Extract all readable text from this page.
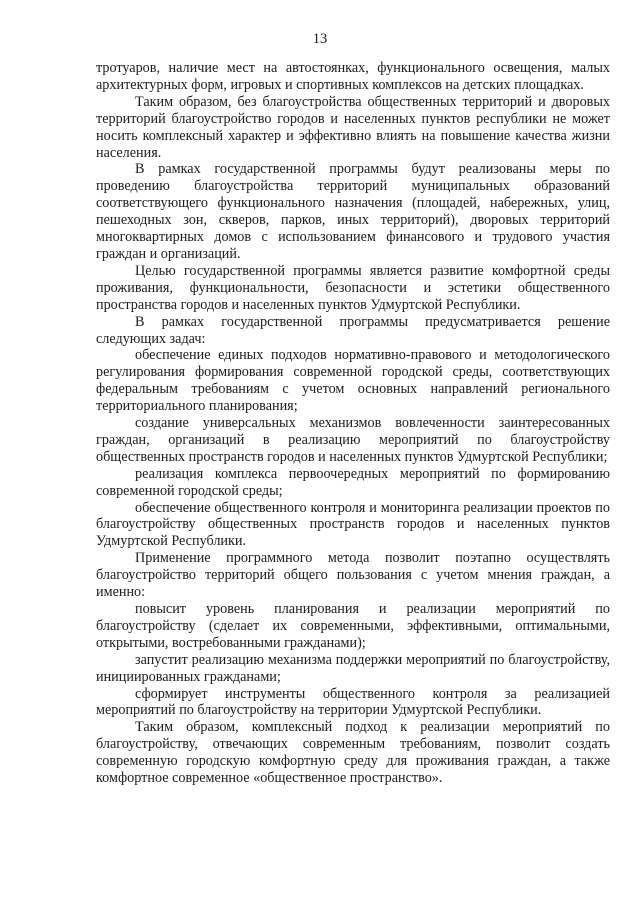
13

тротуаров, наличие мест на автостоянках, функционального освещения, малых архитектурных форм, игровых и спортивных комплексов на детских площадках.

Таким образом, без благоустройства общественных территорий и дворовых территорий благоустройство городов и населенных пунктов республики не может носить комплексный характер и эффективно влиять на повышение качества жизни населения.

В рамках государственной программы будут реализованы меры по проведению благоустройства территорий муниципальных образований соответствующего функционального назначения (площадей, набережных, улиц, пешеходных зон, скверов, парков, иных территорий), дворовых территорий многоквартирных домов с использованием финансового и трудового участия граждан и организаций.

Целью государственной программы является развитие комфортной среды проживания, функциональности, безопасности и эстетики общественного пространства городов и населенных пунктов Удмуртской Республики.

В рамках государственной программы предусматривается решение следующих задач:

обеспечение единых подходов нормативно-правового и методологического регулирования формирования современной городской среды, соответствующих федеральным требованиям с учетом основных направлений регионального территориального планирования;

создание универсальных механизмов вовлеченности заинтересованных граждан, организаций в реализацию мероприятий по благоустройству общественных пространств городов и населенных пунктов Удмуртской Республики;

реализация комплекса первоочередных мероприятий по формированию современной городской среды;

обеспечение общественного контроля и мониторинга реализации проектов по благоустройству общественных пространств городов и населенных пунктов Удмуртской Республики.

Применение программного метода позволит поэтапно осуществлять благоустройство территорий общего пользования с учетом мнения граждан, а именно:

повысит уровень планирования и реализации мероприятий по благоустройству (сделает их современными, эффективными, оптимальными, открытыми, востребованными гражданами);

запустит реализацию механизма поддержки мероприятий по благоустройству, инициированных гражданами;

сформирует инструменты общественного контроля за реализацией мероприятий по благоустройству на территории Удмуртской Республики.

Таким образом, комплексный подход к реализации мероприятий по благоустройству, отвечающих современным требованиям, позволит создать современную городскую комфортную среду для проживания граждан, а также комфортное современное «общественное пространство».
